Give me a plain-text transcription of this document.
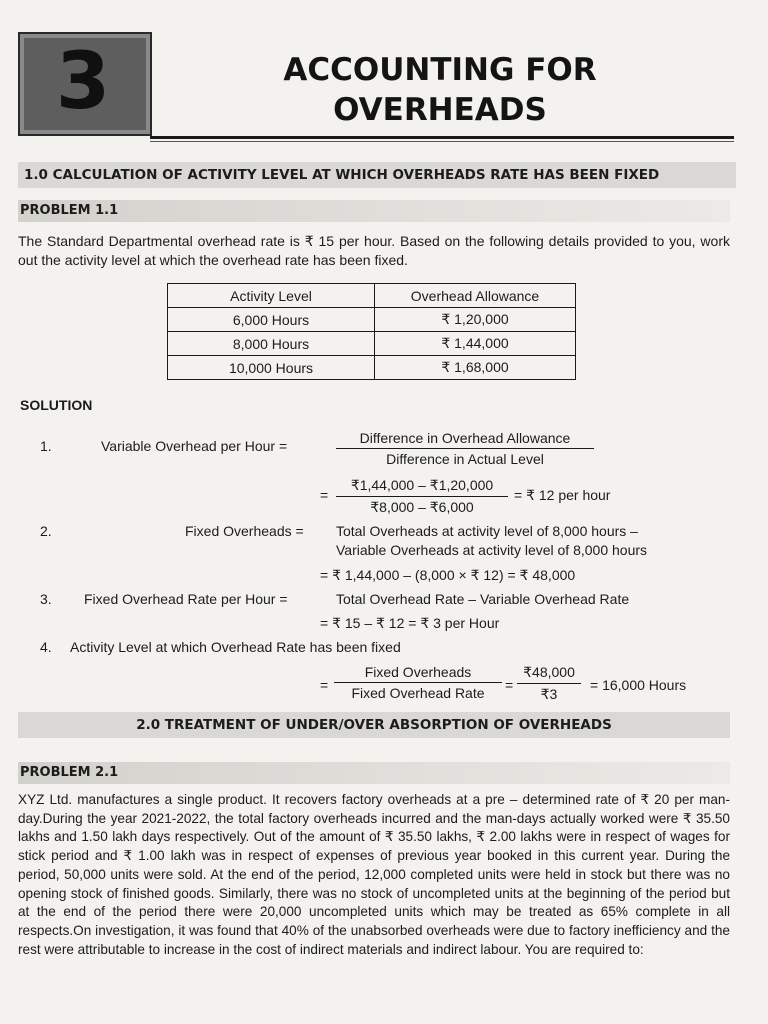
3	ACCOUNTING FOR
OVERHEADS
1.0 CALCULATION OF ACTIVITY LEVEL AT WHICH OVERHEADS RATE HAS BEEN FIXED
PROBLEM 1.1
The Standard Departmental overhead rate is ₹ 15 per hour. Based on the following details provided to you, work out the activity level at which the overhead rate has been fixed.
Activity Level	Overhead Allowance
6,000 Hours	₹ 1,20,000
8,000 Hours	₹ 1,44,000
10,000 Hours	₹ 1,68,000
SOLUTION
1.	Variable Overhead per Hour =	Difference in Overhead Allowance
Difference in Actual Level
= $\frac{₹1,44,000 - ₹1,20,000}{₹8,000 - ₹6,000}$ = ₹ 12 per hour
2.	Fixed Overheads = Total Overheads at activity level of 8,000 hours –
Variable Overheads at activity level of 8,000 hours
= ₹ 1,44,000 – (8,000 × ₹ 12) = ₹ 48,000
3. Fixed Overhead Rate per Hour =	Total Overhead Rate – Variable Overhead Rate
= ₹ 15 – ₹ 12 = ₹ 3 per Hour
4. Activity Level at which Overhead Rate has been fixed
=
Fixed Overheads
Fixed Overhead Rate	= $\frac{₹48,000}{₹3} = 16,000$ Hours
2.0 TREATMENT OF UNDER/OVER ABSORPTION OF OVERHEADS
PROBLEM 2.1
XYZ Ltd. manufactures a single product. It recovers factory overheads at a pre – determined rate of ₹ 20 per man-day.During the year 2021-2022, the total factory overheads incurred and the man-days actually worked were ₹ 35.50 lakhs and 1.50 lakh days respectively. Out of the amount of ₹ 35.50 lakhs, ₹ 2.00 lakhs were in respect of wages for stick period and ₹ 1.00 lakh was in respect of expenses of previous year booked in this current year. During the period, 50,000 units were sold. At the end of the period, 12,000 completed units were held in stock but there was no opening stock of finished goods. Similarly, there was no stock of uncompleted units at the beginning of the period but at the end of the period there were 20,000 uncompleted units which may be treated as 65% complete in all respects.On investigation, it was found that 40% of the unabsorbed overheads were due to factory inefficiency and the rest were attributable to increase in the cost of indirect materials and indirect labour. You are required to:
